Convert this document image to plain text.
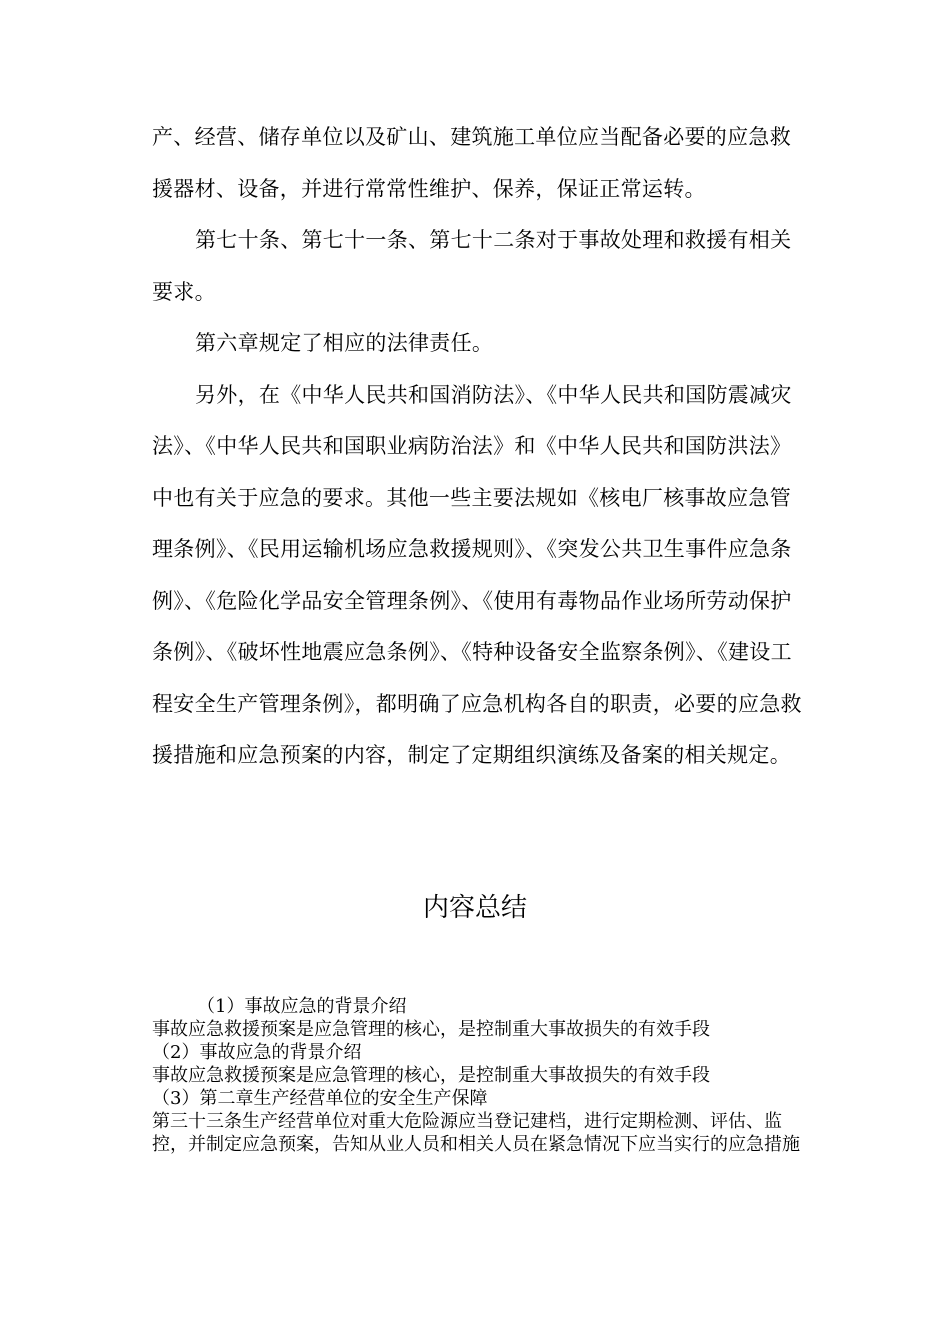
产、经营、储存单位以及矿山、建筑施工单位应当配备必要的应急救援器材、设备，并进行常常性维护、保养，保证正常运转。

第七十条、第七十一条、第七十二条对于事故处理和救援有相关要求。

第六章规定了相应的法律责任。

另外，在《中华人民共和国消防法》、《中华人民共和国防震减灾法》、《中华人民共和国职业病防治法》和《中华人民共和国防洪法》中也有关于应急的要求。其他一些主要法规如《核电厂核事故应急管理条例》、《民用运输机场应急救援规则》、《突发公共卫生事件应急条例》、《危险化学品安全管理条例》、《使用有毒物品作业场所劳动保护条例》、《破坏性地震应急条例》、《特种设备安全监察条例》、《建设工程安全生产管理条例》，都明确了应急机构各自的职责，必要的应急救援措施和应急预案的内容，制定了定期组织演练及备案的相关规定。

内容总结

（1）事故应急的背景介绍

事故应急救援预案是应急管理的核心，是控制重大事故损失的有效手段

（2）事故应急的背景介绍

事故应急救援预案是应急管理的核心，是控制重大事故损失的有效手段

（3）第二章生产经营单位的安全生产保障

第三十三条生产经营单位对重大危险源应当登记建档，进行定期检测、评估、监控，并制定应急预案，告知从业人员和相关人员在紧急情况下应当实行的应急措施
